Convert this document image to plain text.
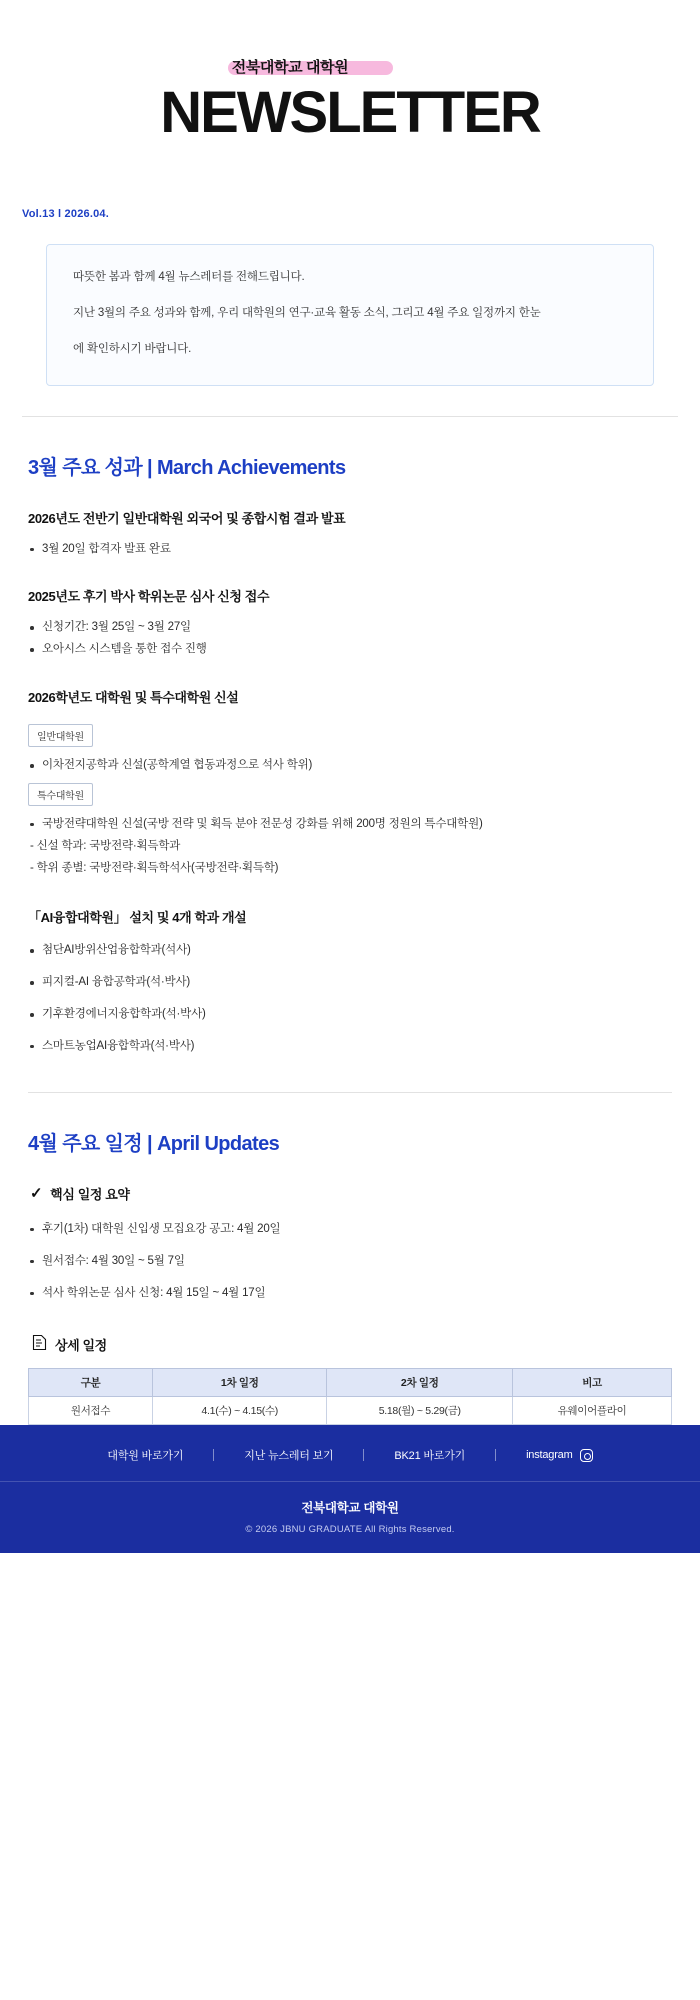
전북대학교 대학원
NEWSLETTER
Vol.13 l 2026.04.

따뜻한 봄과 함께 4월 뉴스레터를 전해드립니다.

지난 3월의 주요 성과와 함께, 우리 대학원의 연구·교육 활동 소식, 그리고 4월 주요 일정까지 한눈

에 확인하시기 바랍니다.

3월 주요 성과 | March Achievements
2026년도 전반기 일반대학원 외국어 및 종합시험 결과 발표
3월 20일 합격자 발표 완료
2025년도 후기 박사 학위논문 심사 신청 접수
신청기간: 3월 25일 ~ 3월 27일
오아시스 시스템을 통한 접수 진행
2026학년도 대학원 및 특수대학원 신설
일반대학원
이차전지공학과 신설(공학계열 협동과정으로 석사 학위)
특수대학원
국방전략대학원 신설(국방 전략 및 획득 분야 전문성 강화를 위해 200명 정원의 특수대학원)
- 신설 학과: 국방전략·획득학과
- 학위 종별: 국방전략·획득학석사(국방전략·획득학)
「AI융합대학원」 설치 및 4개 학과 개설
첨단AI방위산업융합학과(석사)
피지컬-AI 융합공학과(석·박사)
기후환경에너지융합학과(석·박사)
스마트농업AI융합학과(석·박사)
4월 주요 일정 | April Updates
✓ 핵심 일정 요약
후기(1차) 대학원 신입생 모집요강 공고: 4월 20일
원서접수: 4월 30일 ~ 5월 7일
석사 학위논문 심사 신청: 4월 15일 ~ 4월 17일
상세 일정
구분	1차 일정	2차 일정	비고
원서접수	4.1(수) ~ 4.15(수)	5.18(월) ~ 5.29(금)	유웨이어플라이

대학원 바로가기	지난 뉴스레터 보기	BK21 바로가기	instagram
전북대학교 대학원
© 2026 JBNU GRADUATE All Rights Reserved.
